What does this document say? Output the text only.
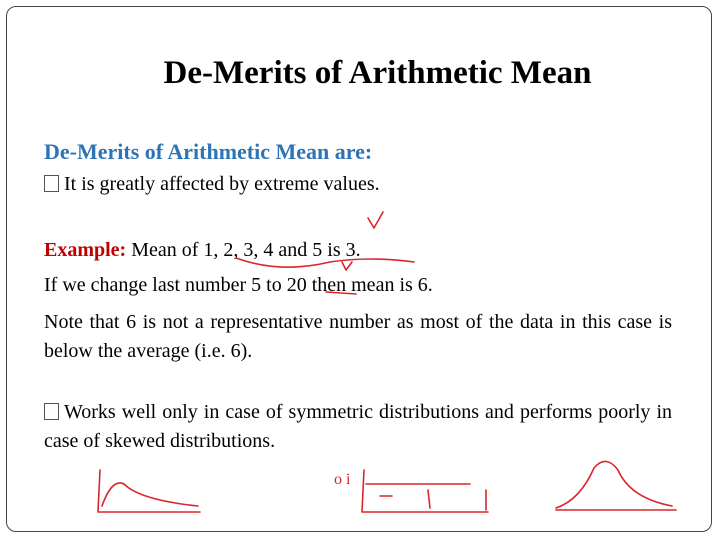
De-Merits of Arithmetic Mean
De-Merits of Arithmetic Mean are:
It is greatly affected by extreme values.
Example: Mean of 1, 2, 3, 4 and 5 is 3.
If we change last number 5 to 20 then mean is 6.
Note that 6 is not a representative number as most of the data in this case is below the average (i.e. 6).
Works well only in case of symmetric distributions and performs poorly in case of skewed distributions.
o i
